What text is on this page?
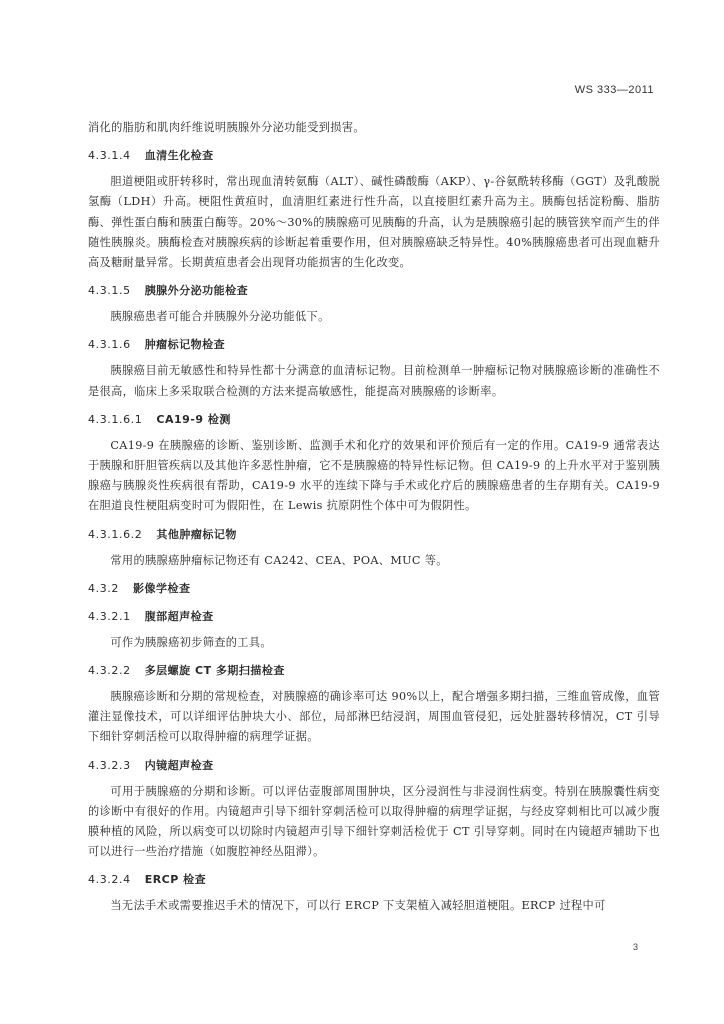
WS 333—2011

消化的脂肪和肌肉纤维说明胰腺外分泌功能受到损害。

4.3.1.4 血清生化检查

胆道梗阻或肝转移时，常出现血清转氨酶（ALT）、碱性磷酸酶（AKP）、γ-谷氨酰转移酶（GGT）及乳酸脱氢酶（LDH）升高。梗阻性黄疸时，血清胆红素进行性升高，以直接胆红素升高为主。胰酶包括淀粉酶、脂肪酶、弹性蛋白酶和胰蛋白酶等。20%～30%的胰腺癌可见胰酶的升高，认为是胰腺癌引起的胰管狭窄而产生的伴随性胰腺炎。胰酶检查对胰腺疾病的诊断起着重要作用，但对胰腺癌缺乏特异性。40%胰腺癌患者可出现血糖升高及糖耐量异常。长期黄疸患者会出现肾功能损害的生化改变。

4.3.1.5 胰腺外分泌功能检查

胰腺癌患者可能合并胰腺外分泌功能低下。

4.3.1.6 肿瘤标记物检查

胰腺癌目前无敏感性和特异性都十分满意的血清标记物。目前检测单一肿瘤标记物对胰腺癌诊断的准确性不是很高，临床上多采取联合检测的方法来提高敏感性，能提高对胰腺癌的诊断率。

4.3.1.6.1 CA19-9 检测

CA19-9 在胰腺癌的诊断、鉴别诊断、监测手术和化疗的效果和评价预后有一定的作用。CA19-9 通常表达于胰腺和肝胆管疾病以及其他许多恶性肿瘤，它不是胰腺癌的特异性标记物。但 CA19-9 的上升水平对于鉴别胰腺癌与胰腺炎性疾病很有帮助，CA19-9 水平的连续下降与手术或化疗后的胰腺癌患者的生存期有关。CA19-9 在胆道良性梗阻病变时可为假阳性，在 Lewis 抗原阴性个体中可为假阴性。

4.3.1.6.2 其他肿瘤标记物

常用的胰腺癌肿瘤标记物还有 CA242、CEA、POA、MUC 等。

4.3.2 影像学检查
4.3.2.1 腹部超声检查

可作为胰腺癌初步筛查的工具。

4.3.2.2 多层螺旋 CT 多期扫描检查

胰腺癌诊断和分期的常规检查，对胰腺癌的确诊率可达 90%以上，配合增强多期扫描，三维血管成像，血管灌注显像技术，可以详细评估肿块大小、部位，局部淋巴结浸润，周围血管侵犯，远处脏器转移情况，CT 引导下细针穿刺活检可以取得肿瘤的病理学证据。

4.3.2.3 内镜超声检查

可用于胰腺癌的分期和诊断。可以评估壶腹部周围肿块，区分浸润性与非浸润性病变。特别在胰腺囊性病变的诊断中有很好的作用。内镜超声引导下细针穿刺活检可以取得肿瘤的病理学证据，与经皮穿刺相比可以减少腹膜种植的风险，所以病变可以切除时内镜超声引导下细针穿刺活检优于 CT 引导穿刺。同时在内镜超声辅助下也可以进行一些治疗措施（如腹腔神经丛阻滞）。

4.3.2.4 ERCP 检查

当无法手术或需要推迟手术的情况下，可以行 ERCP 下支架植入减轻胆道梗阻。ERCP 过程中可

3
